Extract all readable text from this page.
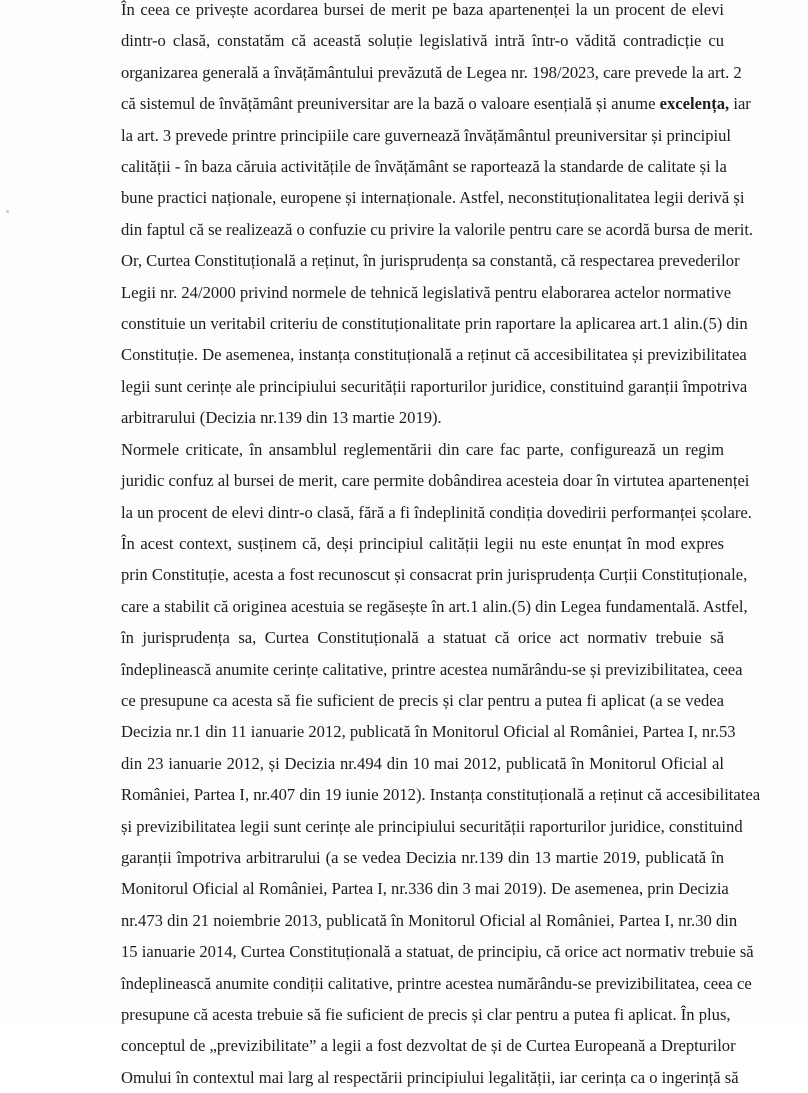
În ceea ce privește acordarea bursei de merit pe baza apartenenței la un procent de elevi
dintr-o clasă, constatăm că această soluție legislativă intră într-o vădită contradicție cu
organizarea generală a învățământului prevăzută de Legea nr. 198/2023, care prevede la art. 2
că sistemul de învățământ preuniversitar are la bază o valoare esențială și anume excelența, iar
la art. 3 prevede printre principiile care guvernează învățământul preuniversitar și principiul
calității - în baza căruia activitățile de învățământ se raportează la standarde de calitate și la
bune practici naționale, europene și internaționale. Astfel, neconstituționalitatea legii derivă și
din faptul că se realizează o confuzie cu privire la valorile pentru care se acordă bursa de merit.
Or, Curtea Constituțională a reținut, în jurisprudența sa constantă, că respectarea prevederilor
Legii nr. 24/2000 privind normele de tehnică legislativă pentru elaborarea actelor normative
constituie un veritabil criteriu de constituționalitate prin raportare la aplicarea art.1 alin.(5) din
Constituție. De asemenea, instanța constituțională a reținut că accesibilitatea și previzibilitatea
legii sunt cerințe ale principiului securității raporturilor juridice, constituind garanții împotriva
arbitrarului (Decizia nr.139 din 13 martie 2019).

Normele criticate, în ansamblul reglementării din care fac parte, configurează un regim
juridic confuz al bursei de merit, care permite dobândirea acesteia doar în virtutea apartenenței
la un procent de elevi dintr-o clasă, fără a fi îndeplinită condiția dovedirii performanței școlare.

În acest context, susținem că, deși principiul calității legii nu este enunțat în mod expres
prin Constituție, acesta a fost recunoscut și consacrat prin jurisprudența Curții Constituționale,
care a stabilit că originea acestuia se regăsește în art.1 alin.(5) din Legea fundamentală. Astfel,
în jurisprudența sa, Curtea Constituțională a statuat că orice act normativ trebuie să
îndeplinească anumite cerințe calitative, printre acestea numărându-se și previzibilitatea, ceea
ce presupune ca acesta să fie suficient de precis și clar pentru a putea fi aplicat (a se vedea
Decizia nr.1 din 11 ianuarie 2012, publicată în Monitorul Oficial al României, Partea I, nr.53
din 23 ianuarie 2012, și Decizia nr.494 din 10 mai 2012, publicată în Monitorul Oficial al
României, Partea I, nr.407 din 19 iunie 2012). Instanța constituțională a reținut că accesibilitatea
și previzibilitatea legii sunt cerințe ale principiului securității raporturilor juridice, constituind
garanții împotriva arbitrarului (a se vedea Decizia nr.139 din 13 martie 2019, publicată în
Monitorul Oficial al României, Partea I, nr.336 din 3 mai 2019). De asemenea, prin Decizia
nr.473 din 21 noiembrie 2013, publicată în Monitorul Oficial al României, Partea I, nr.30 din
15 ianuarie 2014, Curtea Constituțională a statuat, de principiu, că orice act normativ trebuie să
îndeplinească anumite condiții calitative, printre acestea numărându-se previzibilitatea, ceea ce
presupune că acesta trebuie să fie suficient de precis și clar pentru a putea fi aplicat. În plus,
conceptul de „previzibilitate” a legii a fost dezvoltat de și de Curtea Europeană a Drepturilor
Omului în contextul mai larg al respectării principiului legalității, iar cerința ca o ingerință să
